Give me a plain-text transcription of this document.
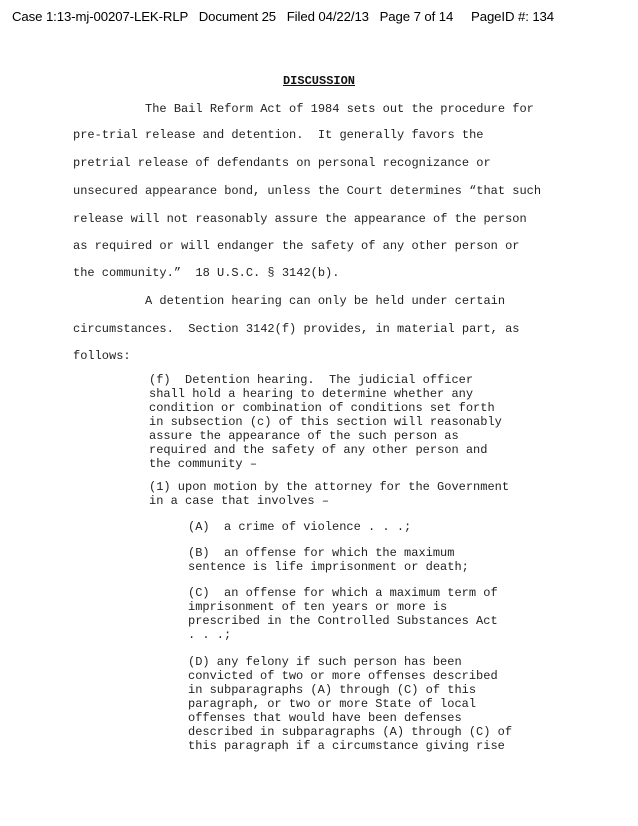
Case 1:13-mj-00207-LEK-RLP   Document 25   Filed 04/22/13   Page 7 of 14     PageID #: 134
DISCUSSION
The Bail Reform Act of 1984 sets out the procedure for
pre-trial release and detention.  It generally favors the
pretrial release of defendants on personal recognizance or
unsecured appearance bond, unless the Court determines “that such
release will not reasonably assure the appearance of the person
as required or will endanger the safety of any other person or
the community.”  18 U.S.C. § 3142(b).
A detention hearing can only be held under certain
circumstances.  Section 3142(f) provides, in material part, as
follows:
(f)  Detention hearing.  The judicial officer
shall hold a hearing to determine whether any
condition or combination of conditions set forth
in subsection (c) of this section will reasonably
assure the appearance of the such person as
required and the safety of any other person and
the community –
(1) upon motion by the attorney for the Government
in a case that involves –
(A)  a crime of violence . . .;
(B)  an offense for which the maximum
sentence is life imprisonment or death;
(C)  an offense for which a maximum term of
imprisonment of ten years or more is
prescribed in the Controlled Substances Act
. . .;
(D) any felony if such person has been
convicted of two or more offenses described
in subparagraphs (A) through (C) of this
paragraph, or two or more State of local
offenses that would have been defenses
described in subparagraphs (A) through (C) of
this paragraph if a circumstance giving rise
